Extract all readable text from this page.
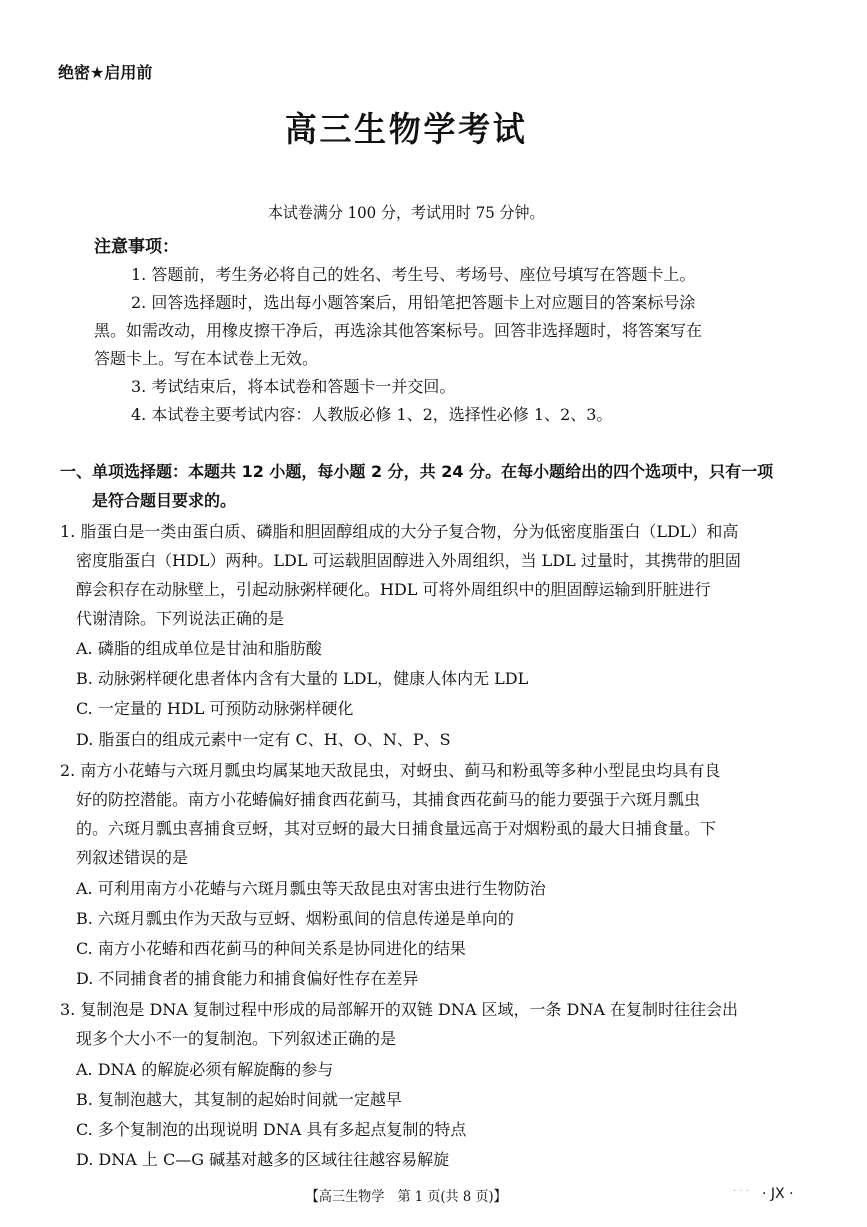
绝密★启用前
高三生物学考试
本试卷满分 100 分，考试用时 75 分钟。
注意事项：
1. 答题前，考生务必将自己的姓名、考生号、考场号、座位号填写在答题卡上。
2. 回答选择题时，选出每小题答案后，用铅笔把答题卡上对应题目的答案标号涂
黑。如需改动，用橡皮擦干净后，再选涂其他答案标号。回答非选择题时，将答案写在
答题卡上。写在本试卷上无效。
3. 考试结束后，将本试卷和答题卡一并交回。
4. 本试卷主要考试内容：人教版必修 1、2，选择性必修 1、2、3。
一、单项选择题：本题共 12 小题，每小题 2 分，共 24 分。在每小题给出的四个选项中，只有一项
是符合题目要求的。
1. 脂蛋白是一类由蛋白质、磷脂和胆固醇组成的大分子复合物，分为低密度脂蛋白（LDL）和高
密度脂蛋白（HDL）两种。LDL 可运载胆固醇进入外周组织，当 LDL 过量时，其携带的胆固
醇会积存在动脉壁上，引起动脉粥样硬化。HDL 可将外周组织中的胆固醇运输到肝脏进行
代谢清除。下列说法正确的是
A. 磷脂的组成单位是甘油和脂肪酸
B. 动脉粥样硬化患者体内含有大量的 LDL，健康人体内无 LDL
C. 一定量的 HDL 可预防动脉粥样硬化
D. 脂蛋白的组成元素中一定有 C、H、O、N、P、S
2. 南方小花蝽与六斑月瓢虫均属某地天敌昆虫，对蚜虫、蓟马和粉虱等多种小型昆虫均具有良
好的防控潜能。南方小花蝽偏好捕食西花蓟马，其捕食西花蓟马的能力要强于六斑月瓢虫
的。六斑月瓢虫喜捕食豆蚜，其对豆蚜的最大日捕食量远高于对烟粉虱的最大日捕食量。下
列叙述错误的是
A. 可利用南方小花蝽与六斑月瓢虫等天敌昆虫对害虫进行生物防治
B. 六斑月瓢虫作为天敌与豆蚜、烟粉虱间的信息传递是单向的
C. 南方小花蝽和西花蓟马的种间关系是协同进化的结果
D. 不同捕食者的捕食能力和捕食偏好性存在差异
3. 复制泡是 DNA 复制过程中形成的局部解开的双链 DNA 区域，一条 DNA 在复制时往往会出
现多个大小不一的复制泡。下列叙述正确的是
A. DNA 的解旋必须有解旋酶的参与
B. 复制泡越大，其复制的起始时间就一定越早
C. 多个复制泡的出现说明 DNA 具有多起点复制的特点
D. DNA 上 C—G 碱基对越多的区域往往越容易解旋
【高三生物学　第 1 页(共 8 页)】	· · · · JX ·
